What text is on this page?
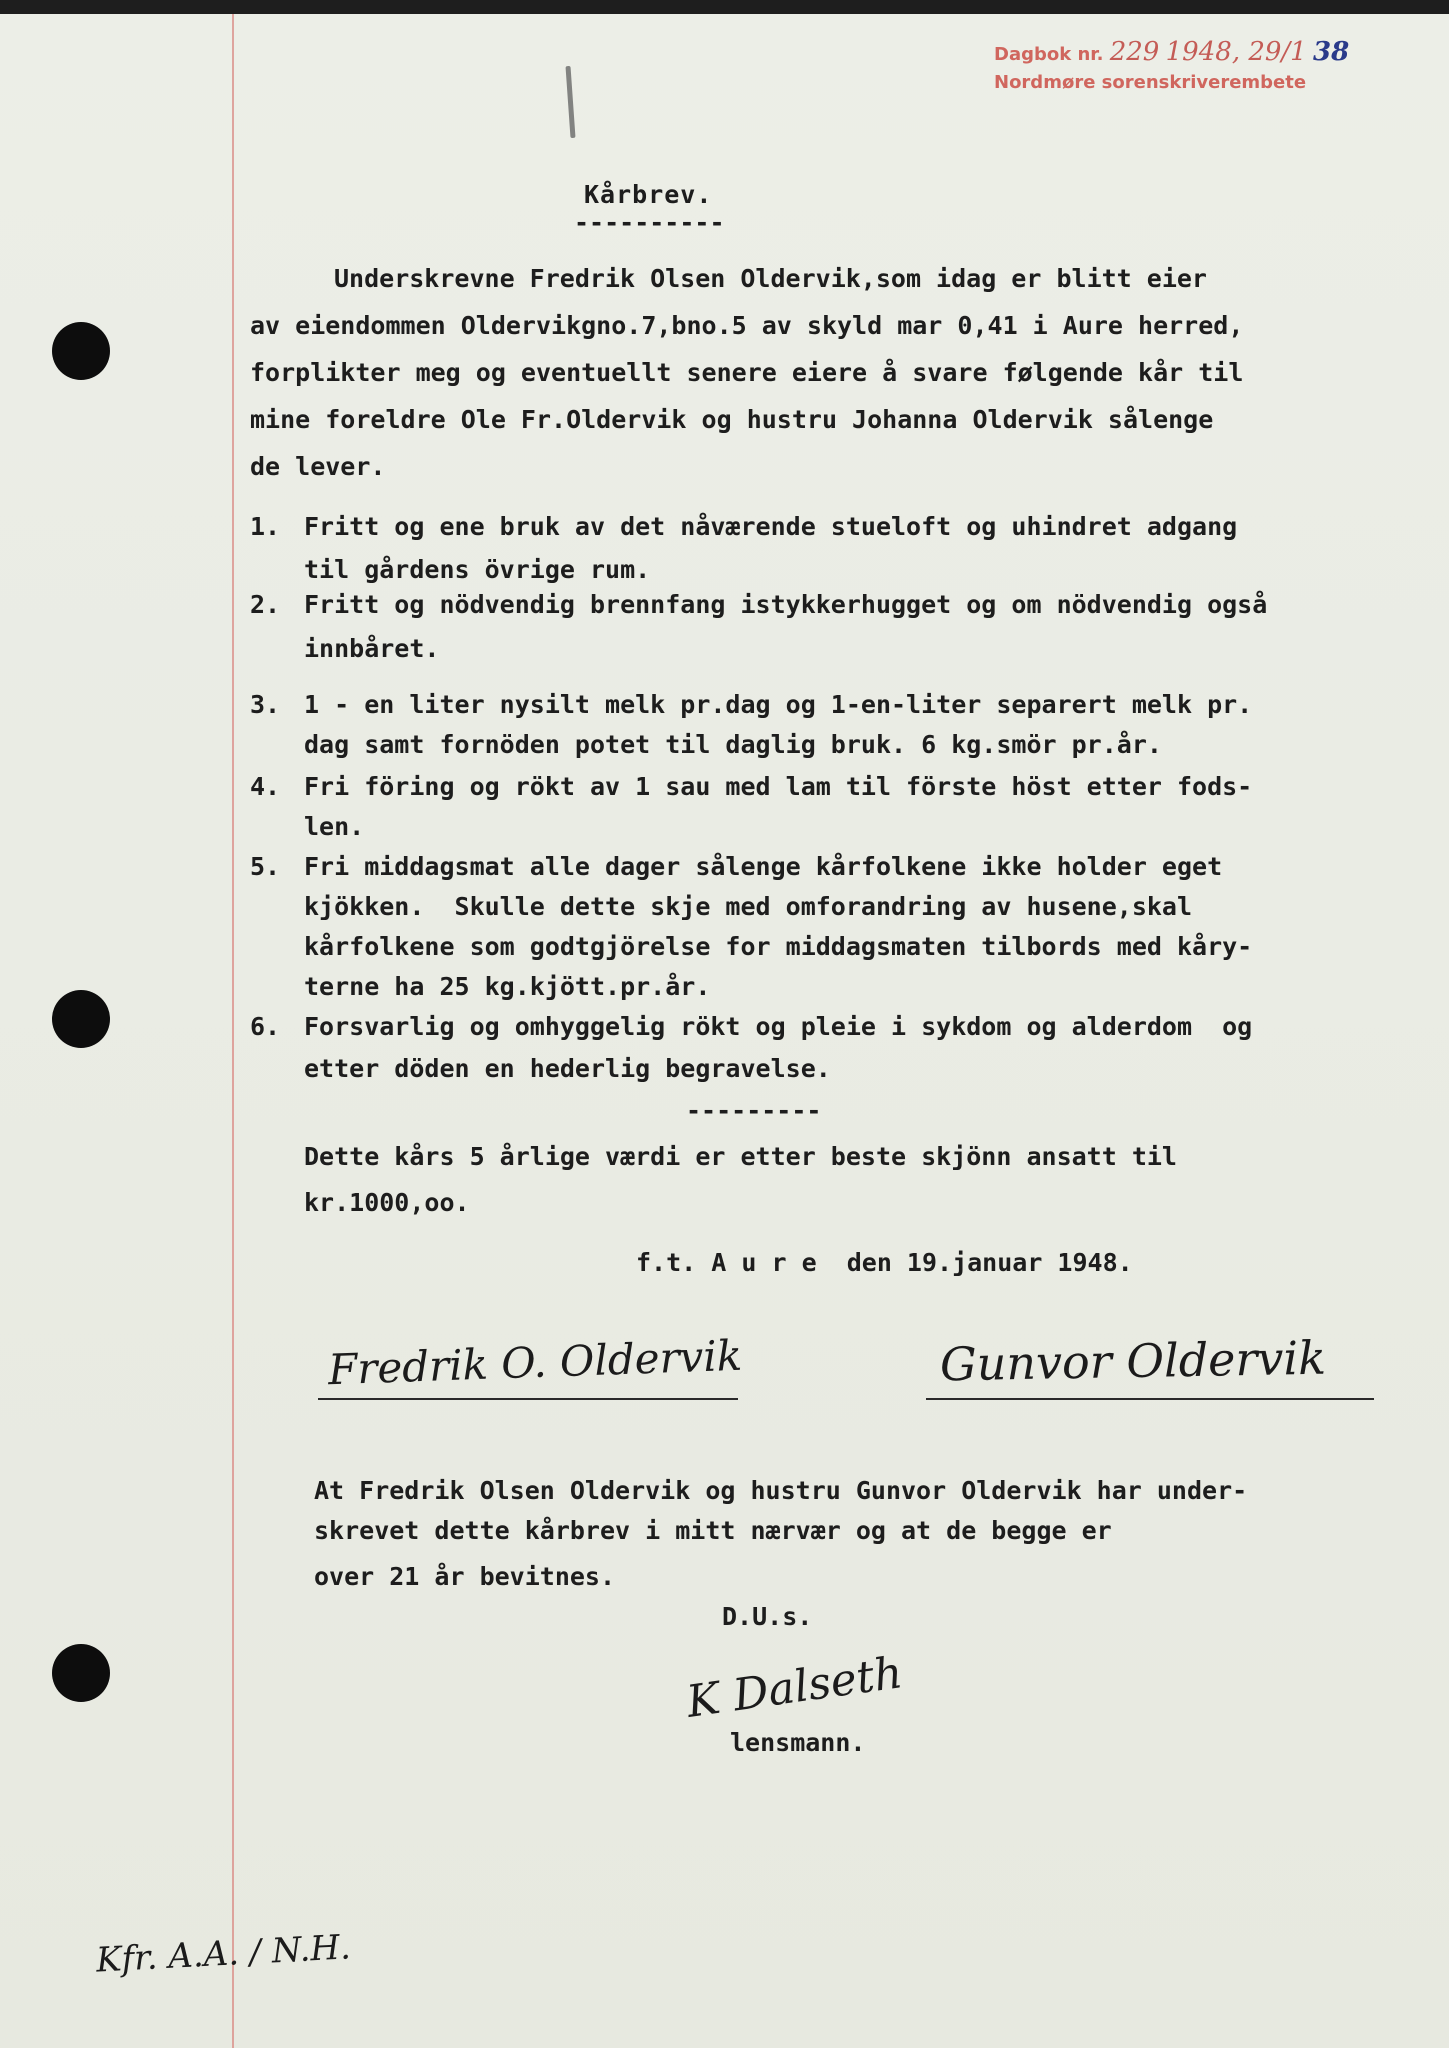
Dagbok nr. 229 1948, 29/1 38
Nordmøre sorenskriverembete
Kårbrev.
----------
Underskrevne Fredrik Olsen Oldervik,som idag er blitt eier
av eiendommen Oldervikgno.7,bno.5 av skyld mar 0,41 i Aure herred,
forplikter meg og eventuellt senere eiere å svare følgende kår til
mine foreldre Ole Fr.Oldervik og hustru Johanna Oldervik sålenge
de lever.
1. Fritt og ene bruk av det nåværende stueloft og uhindret adgang
til gårdens övrige rum.
2. Fritt og nödvendig brennfang istykkerhugget og om nödvendig også
innbåret.
3. 1 - en liter nysilt melk pr.dag og 1-en-liter separert melk pr.
dag samt fornöden potet til daglig bruk. 6 kg.smör pr.år.
4. Fri föring og rökt av 1 sau med lam til förste höst etter fods-
len.
5. Fri middagsmat alle dager sålenge kårfolkene ikke holder eget
kjökken.  Skulle dette skje med omforandring av husene,skal
kårfolkene som godtgjörelse for middagsmaten tilbords med kåry-
terne ha 25 kg.kjött.pr.år.
6. Forsvarlig og omhyggelig rökt og pleie i sykdom og alderdom  og
etter döden en hederlig begravelse.
---------
Dette kårs 5 årlige værdi er etter beste skjönn ansatt til
kr.1000,oo.
f.t. A u r e  den 19.januar 1948.
Fredrik O. Oldervik	Gunvor Oldervik
At Fredrik Olsen Oldervik og hustru Gunvor Oldervik har under-
skrevet dette kårbrev i mitt nærvær og at de begge er
over 21 år bevitnes.
D.U.s.
K Dalseth
lensmann.
Kfr. A.A. / N.H.
